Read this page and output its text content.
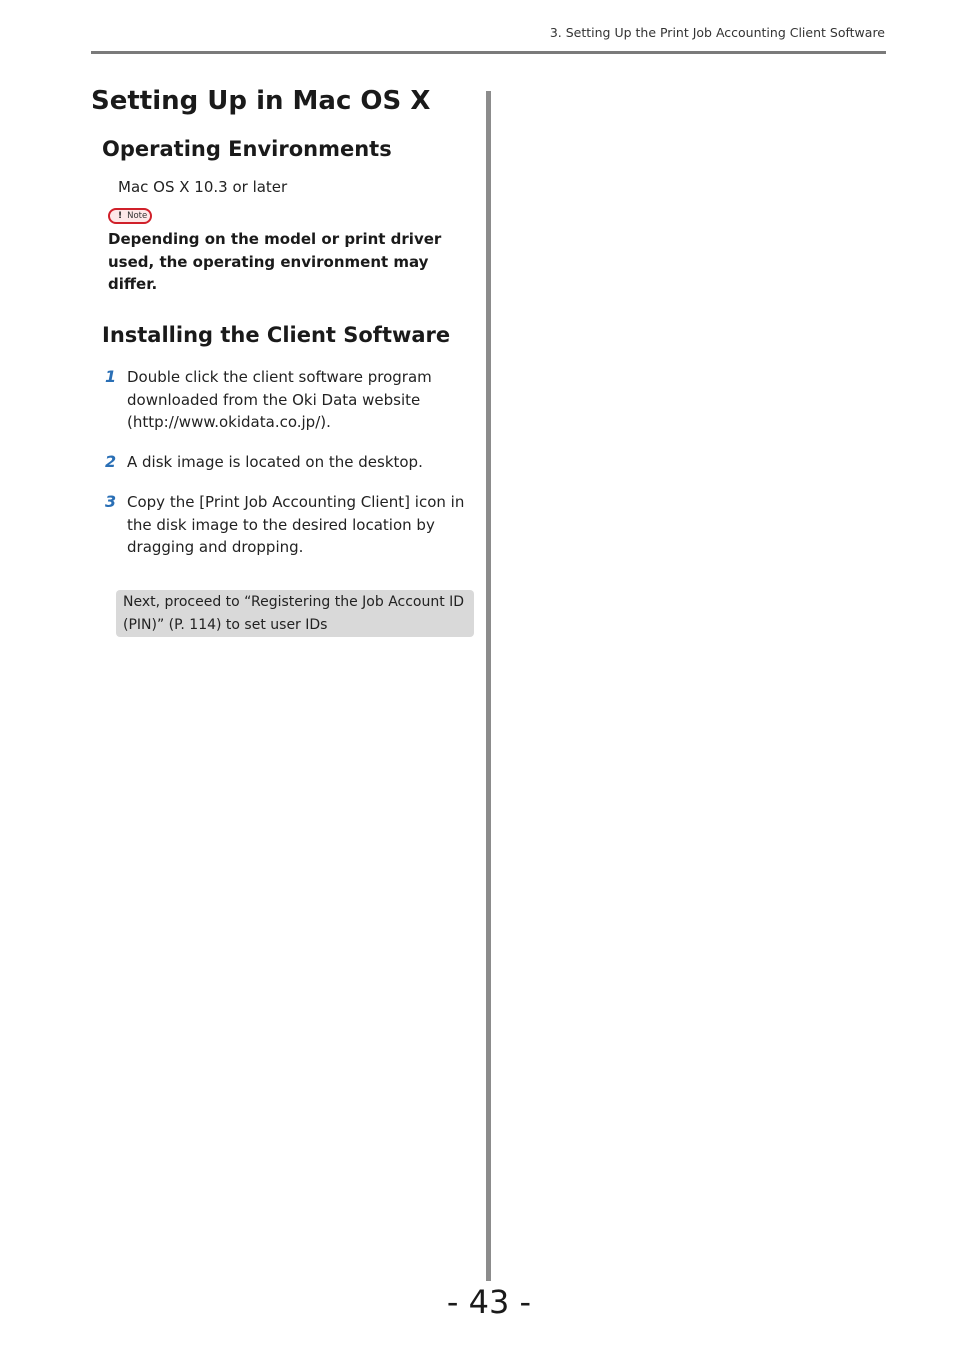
3. Setting Up the Print Job Accounting Client Software
Setting Up in Mac OS X
Operating Environments
Mac OS X 10.3 or later
! Note
Depending on the model or print driver used, the operating environment may differ.
Installing the Client Software
1 Double click the client software program downloaded from the Oki Data website (http://www.okidata.co.jp/).
2 A disk image is located on the desktop.
3 Copy the [Print Job Accounting Client] icon in the disk image to the desired location by dragging and dropping.
Next, proceed to “Registering the Job Account ID (PIN)” (P. 114) to set user IDs
- 43 -
